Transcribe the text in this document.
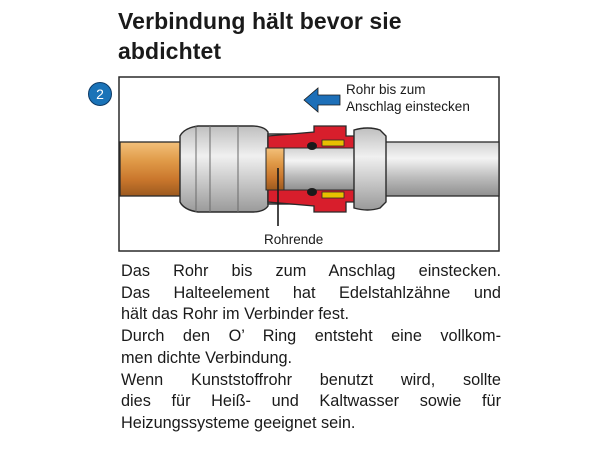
Verbindung hält bevor sie
abdichtet
2	Rohr bis zum
Anschlag einstecken
Rohrende
Das Rohr bis zum Anschlag einstecken.
Das Halteelement hat Edelstahlzähne und
hält das Rohr im Verbinder fest.
Durch den O’ Ring entsteht eine vollkom-
men dichte Verbindung.
Wenn Kunststoffrohr benutzt wird, sollte
dies für Heiß- und Kaltwasser sowie für
Heizungssysteme geeignet sein.
